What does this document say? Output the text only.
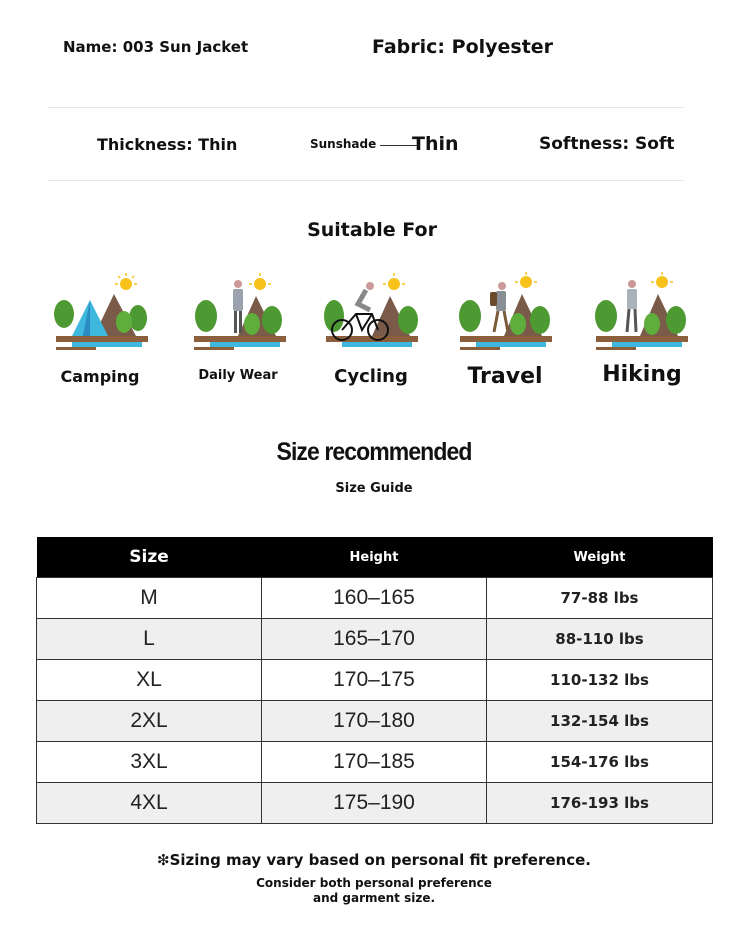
Name: 003 Sun Jacket	Fabric: Polyester
Thickness: Thin	Sunshade Thin	Softness: Soft
Suitable For
Camping	Daily Wear	Cycling	Travel	Hiking
Size recommended
Size Guide
Size	Height	Weight
M	160–165	77-88 lbs
L	165–170	88-110 lbs
XL	170–175	110-132 lbs
2XL	170–180	132-154 lbs
3XL	170–185	154-176 lbs
4XL	175–190	176-193 lbs
❇Sizing may vary based on personal fit preference.
Consider both personal preference
and garment size.
